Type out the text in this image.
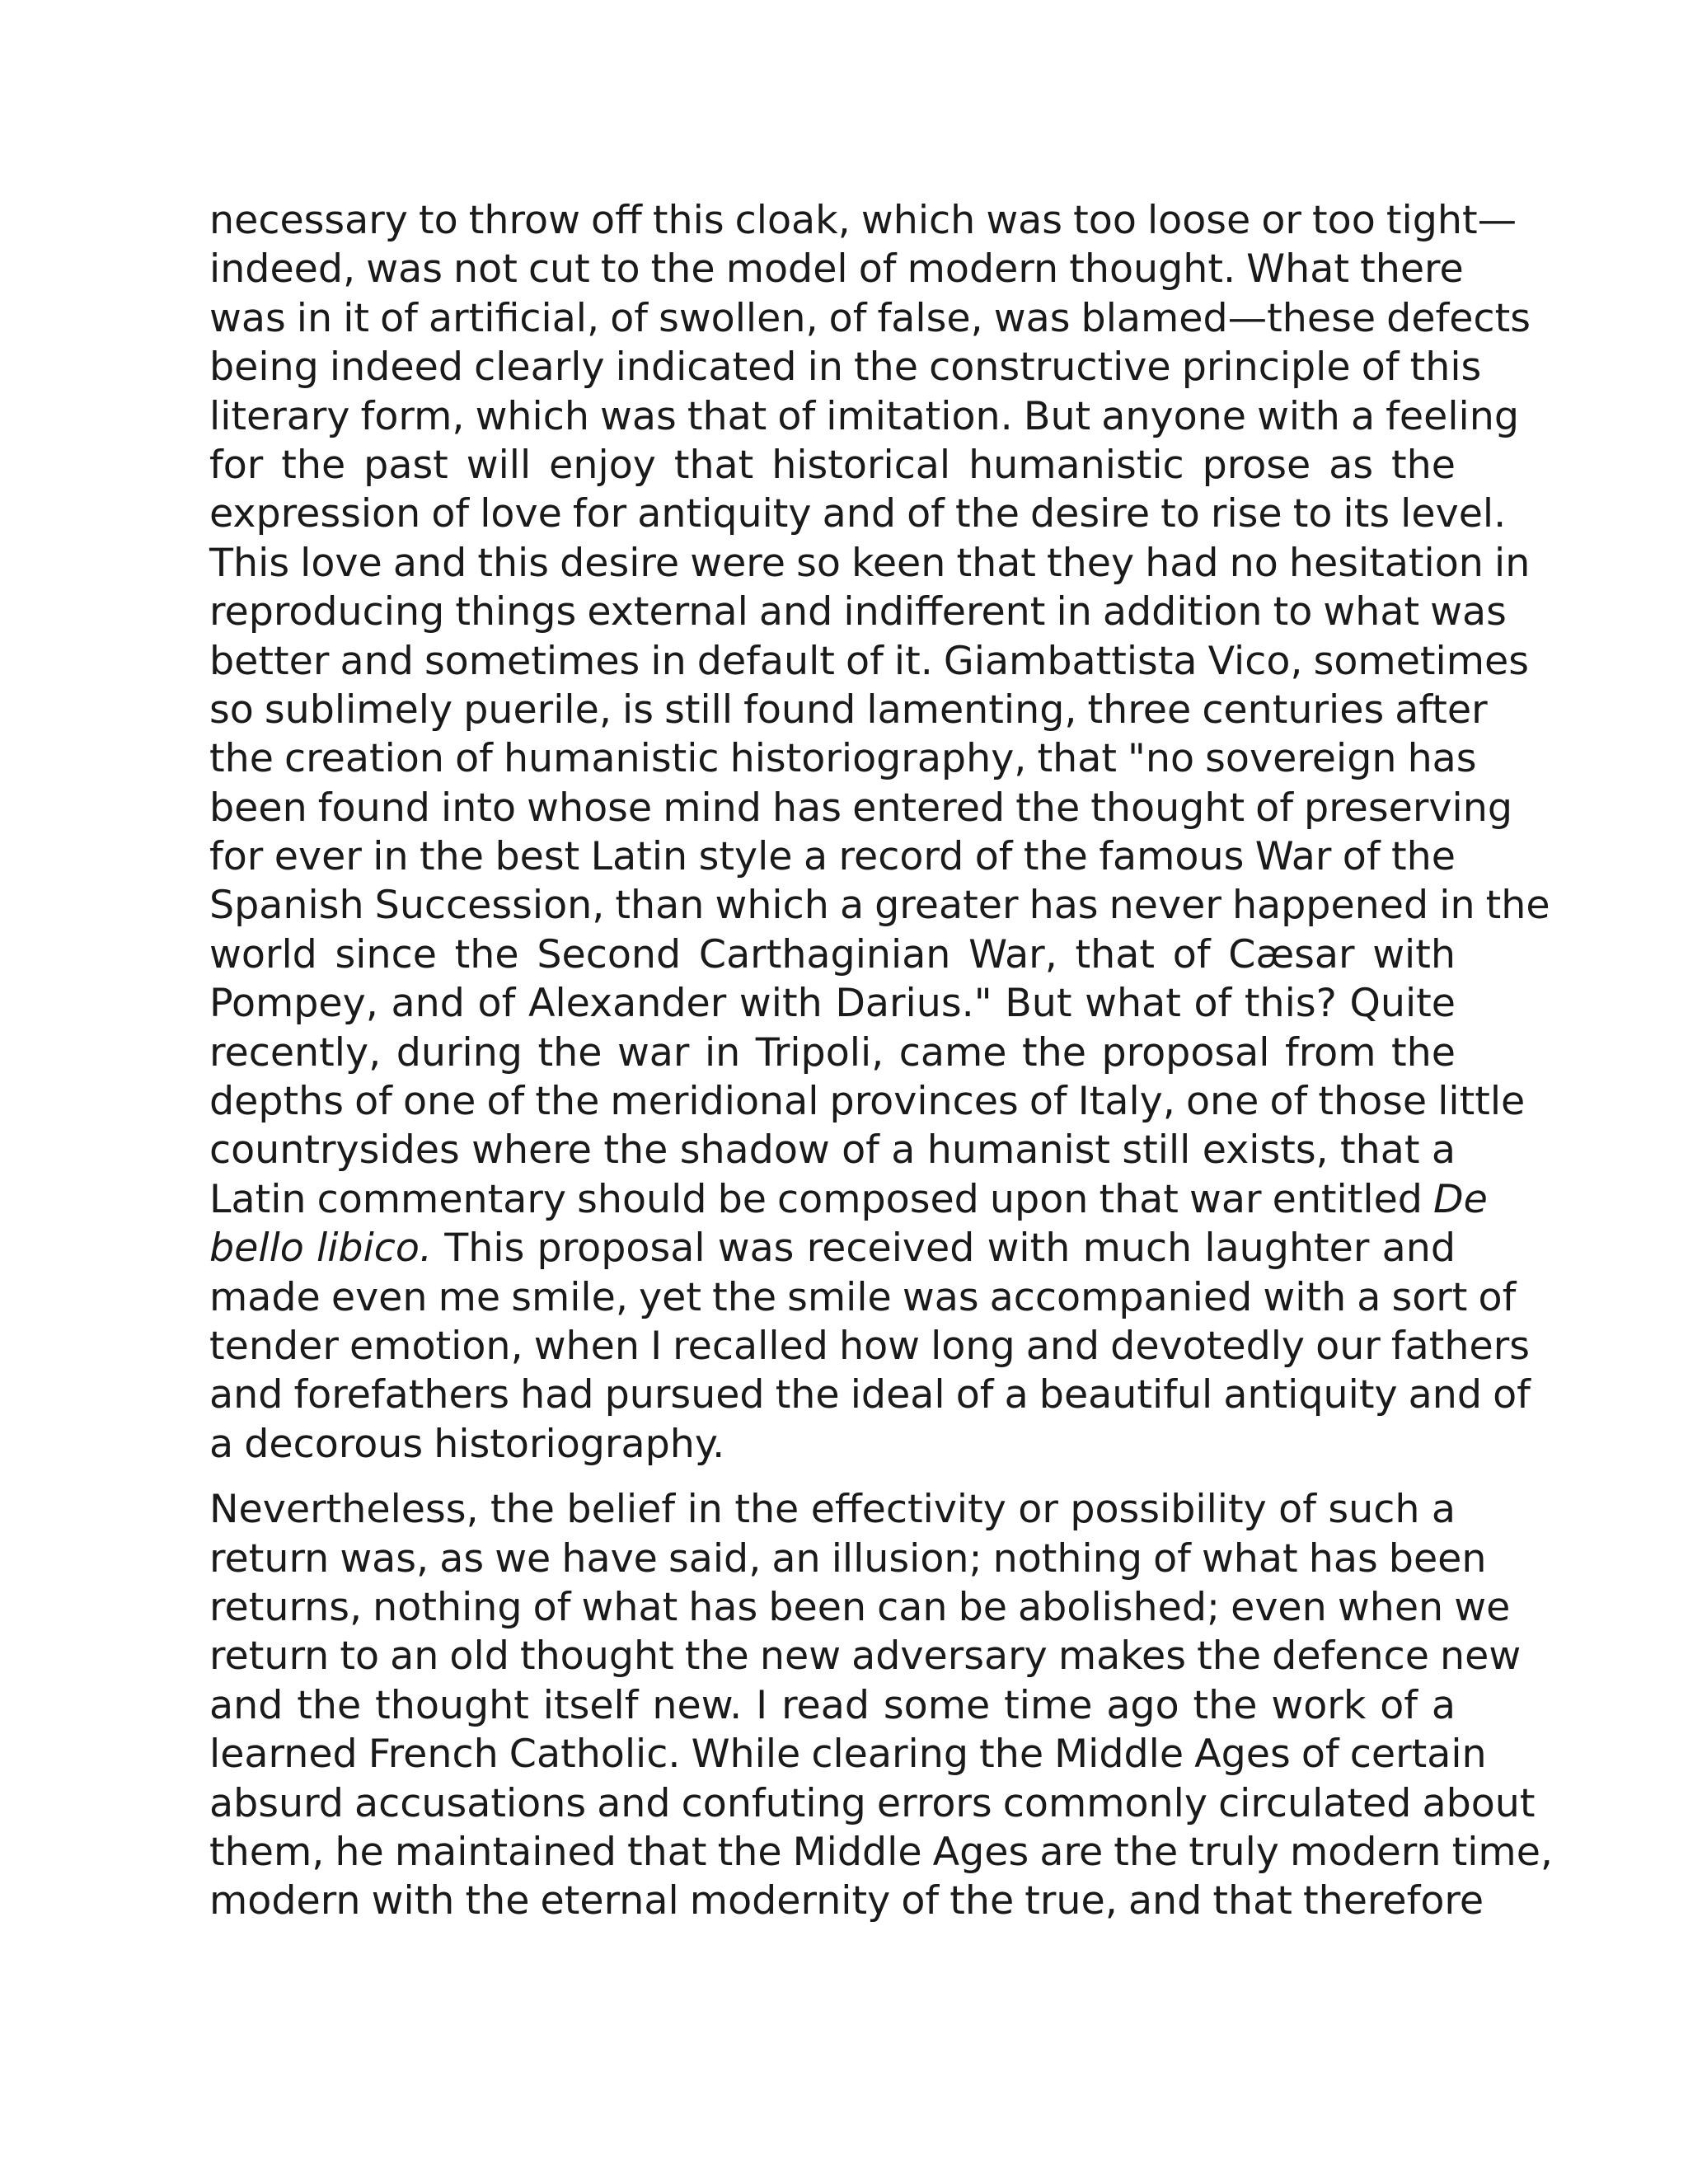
necessary to throw off this cloak, which was too loose or too tight—
indeed, was not cut to the model of modern thought. What there
was in it of artificial, of swollen, of false, was blamed—these defects
being indeed clearly indicated in the constructive principle of this
literary form, which was that of imitation. But anyone with a feeling
for the past will enjoy that historical humanistic prose as the
expression of love for antiquity and of the desire to rise to its level.
This love and this desire were so keen that they had no hesitation in
reproducing things external and indifferent in addition to what was
better and sometimes in default of it. Giambattista Vico, sometimes
so sublimely puerile, is still found lamenting, three centuries after
the creation of humanistic historiography, that "no sovereign has
been found into whose mind has entered the thought of preserving
for ever in the best Latin style a record of the famous War of the
Spanish Succession, than which a greater has never happened in the
world since the Second Carthaginian War, that of Cæsar with
Pompey, and of Alexander with Darius." But what of this? Quite
recently, during the war in Tripoli, came the proposal from the
depths of one of the meridional provinces of Italy, one of those little
countrysides where the shadow of a humanist still exists, that a
Latin commentary should be composed upon that war entitled De
bello libico. This proposal was received with much laughter and
made even me smile, yet the smile was accompanied with a sort of
tender emotion, when I recalled how long and devotedly our fathers
and forefathers had pursued the ideal of a beautiful antiquity and of
a decorous historiography.

Nevertheless, the belief in the effectivity or possibility of such a
return was, as we have said, an illusion; nothing of what has been
returns, nothing of what has been can be abolished; even when we
return to an old thought the new adversary makes the defence new
and the thought itself new. I read some time ago the work of a
learned French Catholic. While clearing the Middle Ages of certain
absurd accusations and confuting errors commonly circulated about
them, he maintained that the Middle Ages are the truly modern time,
modern with the eternal modernity of the true, and that therefore
